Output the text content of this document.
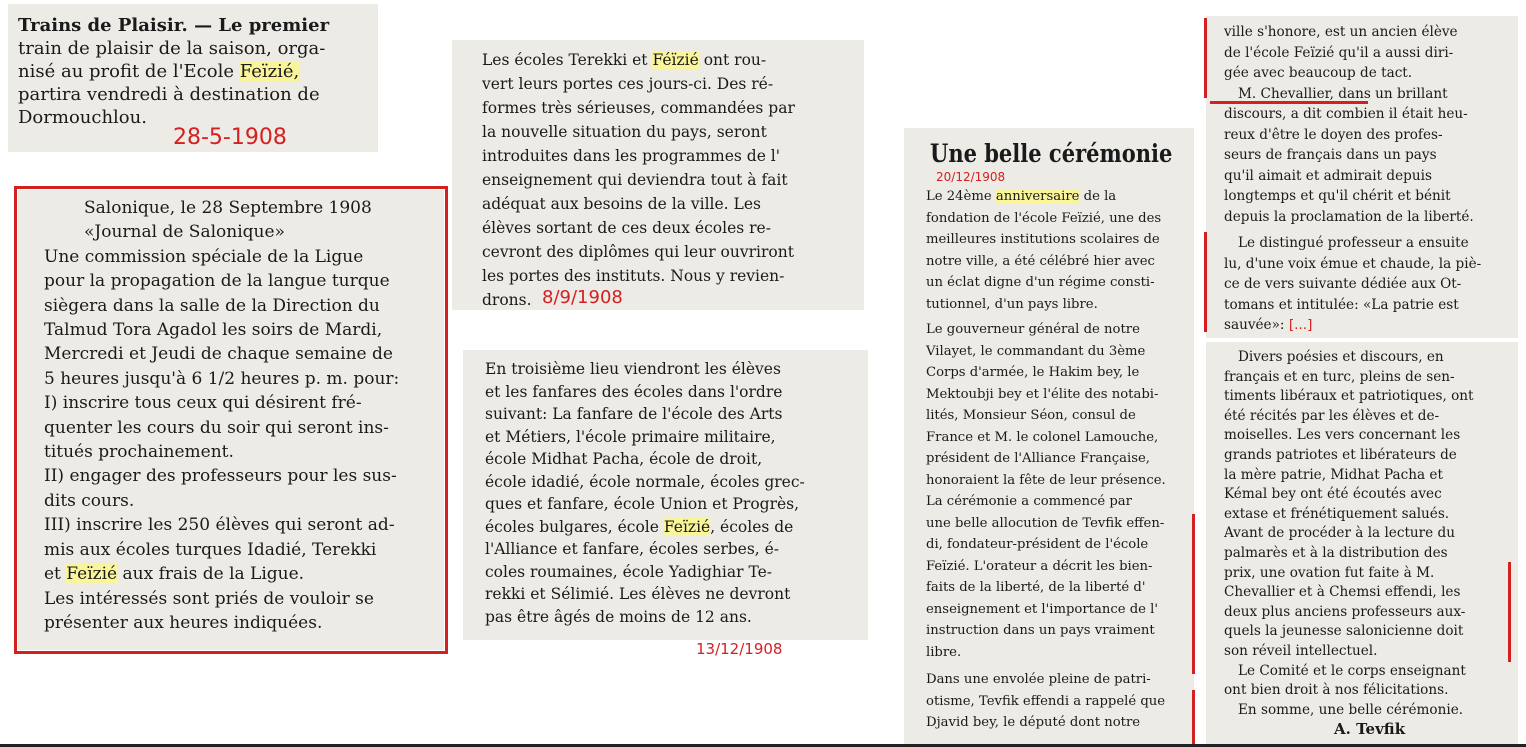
Trains de Plaisir. — Le premier
train de plaisir de la saison, orga-
nisé au profit de l'Ecole Feïzié,
partira vendredi à destination de
Dormouchlou.
28-5-1908
Salonique, le 28 Septembre 1908
«Journal de Salonique»
Une commission spéciale de la Ligue
pour la propagation de la langue turque
siègera dans la salle de la Direction du
Talmud Tora Agadol les soirs de Mardi,
Mercredi et Jeudi de chaque semaine de
5 heures jusqu'à 6 1/2 heures p. m. pour:
I) inscrire tous ceux qui désirent fré-
quenter les cours du soir qui seront ins-
titués prochainement.
II) engager des professeurs pour les sus-
dits cours.
III) inscrire les 250 élèves qui seront ad-
mis aux écoles turques Idadié, Terekki
et Feïzié aux frais de la Ligue.
Les intéressés sont priés de vouloir se
présenter aux heures indiquées.
Les écoles Terekki et Féïzié ont rou-
vert leurs portes ces jours-ci. Des ré-
formes très sérieuses, commandées par
la nouvelle situation du pays, seront
introduites dans les programmes de l'
enseignement qui deviendra tout à fait
adéquat aux besoins de la ville. Les
élèves sortant de ces deux écoles re-
cevront des diplômes qui leur ouvriront
les portes des instituts. Nous y revien-
drons. 8/9/1908
En troisième lieu viendront les élèves
et les fanfares des écoles dans l'ordre
suivant: La fanfare de l'école des Arts
et Métiers, l'école primaire militaire,
école Midhat Pacha, école de droit,
école idadié, école normale, écoles grec-
ques et fanfare, école Union et Progrès,
écoles bulgares, école Feïzié, écoles de
l'Alliance et fanfare, écoles serbes, é-
coles roumaines, école Yadighiar Te-
rekki et Sélimié. Les élèves ne devront
pas être âgés de moins de 12 ans.
13/12/1908
Une belle cérémonie
20/12/1908
Le 24ème anniversaire de la
fondation de l'école Feïzié, une des
meilleures institutions scolaires de
notre ville, a été célébré hier avec
un éclat digne d'un régime consti-
tutionnel, d'un pays libre.
Le gouverneur général de notre
Vilayet, le commandant du 3ème
Corps d'armée, le Hakim bey, le
Mektoubji bey et l'élite des notabi-
lités, Monsieur Séon, consul de
France et M. le colonel Lamouche,
président de l'Alliance Française,
honoraient la fête de leur présence.
La cérémonie a commencé par
une belle allocution de Tevfik effen-
di, fondateur-président de l'école
Feïzié. L'orateur a décrit les bien-
faits de la liberté, de la liberté d'
enseignement et l'importance de l'
instruction dans un pays vraiment
libre.
Dans une envolée pleine de patri-
otisme, Tevfik effendi a rappelé que
Djavid bey, le député dont notre
ville s'honore, est un ancien élève
de l'école Feïzié qu'il a aussi diri-
gée avec beaucoup de tact.
M. Chevallier, dans un brillant
discours, a dit combien il était heu-
reux d'être le doyen des profes-
seurs de français dans un pays
qu'il aimait et admirait depuis
longtemps et qu'il chérit et bénit
depuis la proclamation de la liberté.
Le distingué professeur a ensuite
lu, d'une voix émue et chaude, la piè-
ce de vers suivante dédiée aux Ot-
tomans et intitulée: «La patrie est
sauvée»: [...]
Divers poésies et discours, en
français et en turc, pleins de sen-
timents libéraux et patriotiques, ont
été récités par les élèves et de-
moiselles. Les vers concernant les
grands patriotes et libérateurs de
la mère patrie, Midhat Pacha et
Kémal bey ont été écoutés avec
extase et frénétiquement salués.
Avant de procéder à la lecture du
palmarès et à la distribution des
prix, une ovation fut faite à M.
Chevallier et à Chemsi effendi, les
deux plus anciens professeurs aux-
quels la jeunesse salonicienne doit
son réveil intellectuel.
Le Comité et le corps enseignant
ont bien droit à nos félicitations.
En somme, une belle cérémonie.
A. Tevfik
